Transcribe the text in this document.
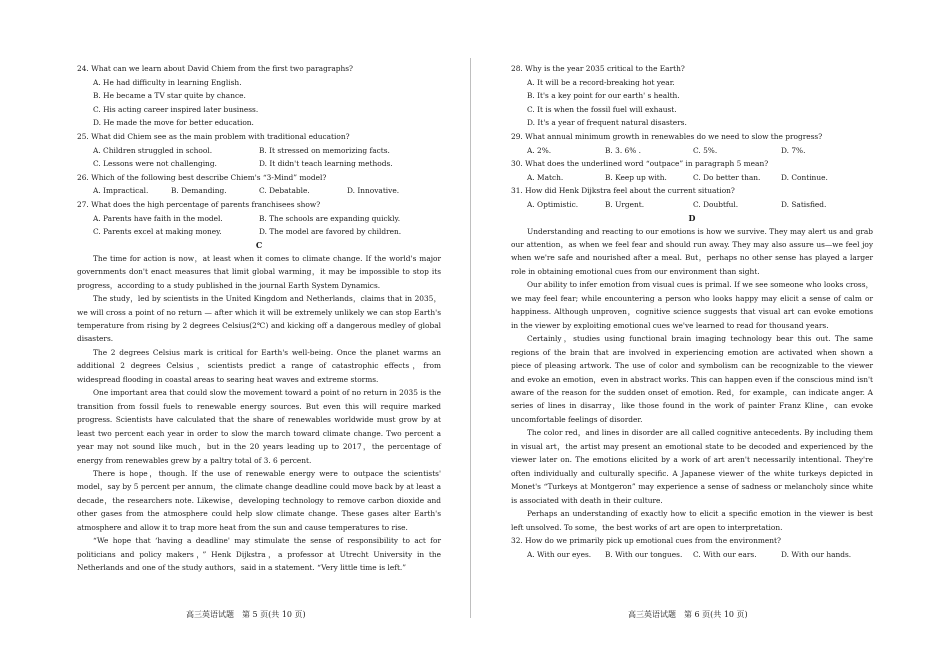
24. What can we learn about David Chiem from the first two paragraphs?
A. He had difficulty in learning English.
B. He became a TV star quite by chance.
C. His acting career inspired later business.
D. He made the move for better education.
25. What did Chiem see as the main problem with traditional education?
A. Children struggled in school.	B. It stressed on memorizing facts.
C. Lessons were not challenging.	D. It didn't teach learning methods.
26. Which of the following best describe Chiem's “3-Mind” model?
A. Impractical.	B. Demanding.	C. Debatable.	D. Innovative.
27. What does the high percentage of parents franchisees show?
A. Parents have faith in the model.	B. The schools are expanding quickly.
C. Parents excel at making money.	D. The model are favored by children.
C

The time for action is now，at least when it comes to climate change. If the world's major governments don't enact measures that limit global warming，it may be impossible to stop its progress，according to a study published in the journal Earth System Dynamics.

The study，led by scientists in the United Kingdom and Netherlands，claims that in 2035，we will cross a point of no return — after which it will be extremely unlikely we can stop Earth's temperature from rising by 2 degrees Celsius(2℃) and kicking off a dangerous medley of global disasters.

The 2 degrees Celsius mark is critical for Earth's well-being. Once the planet warms an additional 2 degrees Celsius，scientists predict a range of catastrophic effects，from widespread flooding in coastal areas to searing heat waves and extreme storms.

One important area that could slow the movement toward a point of no return in 2035 is the transition from fossil fuels to renewable energy sources. But even this will require marked progress. Scientists have calculated that the share of renewables worldwide must grow by at least two percent each year in order to slow the march toward climate change. Two percent a year may not sound like much，but in the 20 years leading up to 2017，the percentage of energy from renewables grew by a paltry total of 3. 6 percent.

There is hope，though. If the use of renewable energy were to outpace the scientists' model，say by 5 percent per annum，the climate change deadline could move back by at least a decade，the researchers note. Likewise，developing technology to remove carbon dioxide and other gases from the atmosphere could help slow climate change. These gases alter Earth's atmosphere and allow it to trap more heat from the sun and cause temperatures to rise.

“We hope that ‘having a deadline' may stimulate the sense of responsibility to act for politicians and policy makers，” Henk Dijkstra，a professor at Utrecht University in the Netherlands and one of the study authors，said in a statement. “Very little time is left.”

28. Why is the year 2035 critical to the Earth?
A. It will be a record-breaking hot year.
B. It's a key point for our earth' s health.
C. It is when the fossil fuel will exhaust.
D. It's a year of frequent natural disasters.
29. What annual minimum growth in renewables do we need to slow the progress?
A. 2%.	B. 3. 6% .	C. 5%.	D. 7%.
30. What does the underlined word “outpace” in paragraph 5 mean?
A. Match.	B. Keep up with.	C. Do better than.	D. Continue.
31. How did Henk Dijkstra feel about the current situation?
A. Optimistic.	B. Urgent.	C. Doubtful.	D. Satisfied.
D

Understanding and reacting to our emotions is how we survive. They may alert us and grab our attention，as when we feel fear and should run away. They may also assure us—we feel joy when we're safe and nourished after a meal. But，perhaps no other sense has played a larger role in obtaining emotional cues from our environment than sight.

Our ability to infer emotion from visual cues is primal. If we see someone who looks cross，we may feel fear; while encountering a person who looks happy may elicit a sense of calm or happiness. Although unproven，cognitive science suggests that visual art can evoke emotions in the viewer by exploiting emotional cues we've learned to read for thousand years.

Certainly，studies using functional brain imaging technology bear this out. The same regions of the brain that are involved in experiencing emotion are activated when shown a piece of pleasing artwork. The use of color and symbolism can be recognizable to the viewer and evoke an emotion，even in abstract works. This can happen even if the conscious mind isn't aware of the reason for the sudden onset of emotion. Red，for example，can indicate anger. A series of lines in disarray，like those found in the work of painter Franz Kline，can evoke uncomfortable feelings of disorder.

The color red，and lines in disorder are all called cognitive antecedents. By including them in visual art，the artist may present an emotional state to be decoded and experienced by the viewer later on. The emotions elicited by a work of art aren't necessarily intentional. They're often individually and culturally specific. A Japanese viewer of the white turkeys depicted in Monet's “Turkeys at Montgeron” may experience a sense of sadness or melancholy since white is associated with death in their culture.

Perhaps an understanding of exactly how to elicit a specific emotion in the viewer is best left unsolved. To some，the best works of art are open to interpretation.

32. How do we primarily pick up emotional cues from the environment?
A. With our eyes.	B. With our tongues.	C. With our ears.	D. With our hands.
高三英语试题　第 5 页(共 10 页)	高三英语试题　第 6 页(共 10 页)
